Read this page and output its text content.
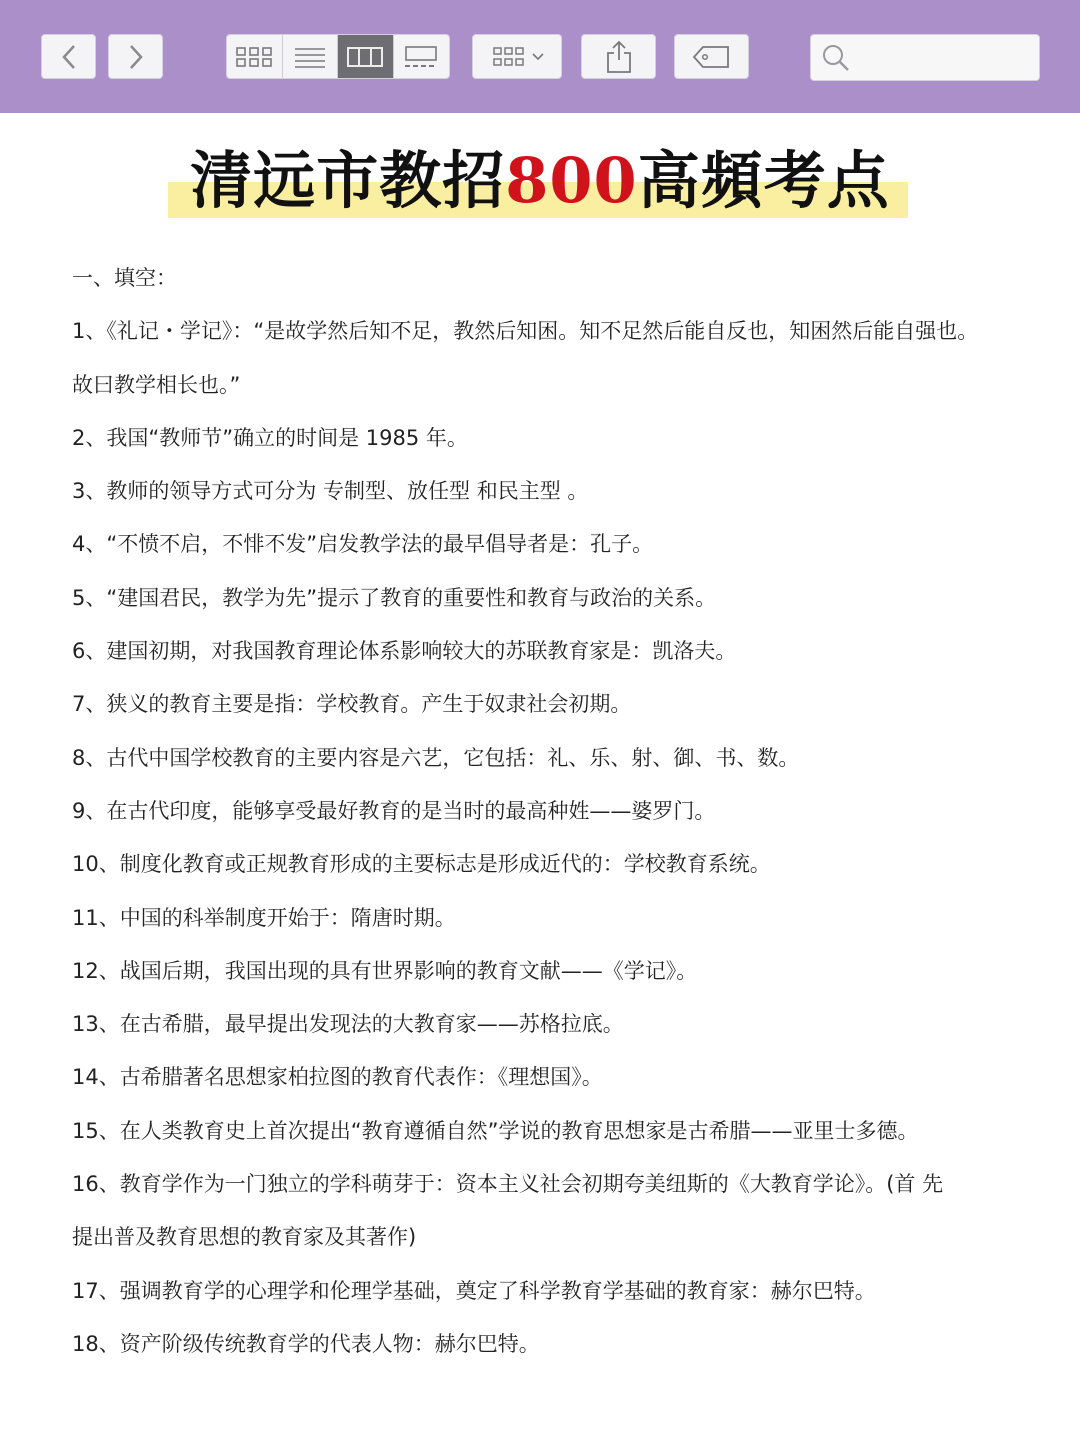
清远市教招800高頻考点
一、填空：
1、《礼记・学记》：“是故学然后知不足，教然后知困。知不足然后能自反也，知困然后能自强也。
故曰教学相长也。”
2、我国“教师节”确立的时间是 1985 年。
3、教师的领导方式可分为 专制型、放任型 和民主型 。
4、“不愤不启，不悱不发”启发教学法的最早倡导者是：孔子。
5、“建国君民，教学为先”提示了教育的重要性和教育与政治的关系。
6、建国初期，对我国教育理论体系影响较大的苏联教育家是：凯洛夫。
7、狭义的教育主要是指：学校教育。产生于奴隶社会初期。
8、古代中国学校教育的主要内容是六艺，它包括：礼、乐、射、御、书、数。
9、在古代印度，能够享受最好教育的是当时的最高种姓——婆罗门。
10、制度化教育或正规教育形成的主要标志是形成近代的：学校教育系统。
11、中国的科举制度开始于：隋唐时期。
12、战国后期，我国出现的具有世界影响的教育文献——《学记》。
13、在古希腊，最早提出发现法的大教育家——苏格拉底。
14、古希腊著名思想家柏拉图的教育代表作：《理想国》。
15、在人类教育史上首次提出“教育遵循自然”学说的教育思想家是古希腊——亚里士多德。
16、教育学作为一门独立的学科萌芽于：资本主义社会初期夸美纽斯的《大教育学论》。(首 先
提出普及教育思想的教育家及其著作)
17、强调教育学的心理学和伦理学基础，奠定了科学教育学基础的教育家：赫尔巴特。
18、资产阶级传统教育学的代表人物：赫尔巴特。
